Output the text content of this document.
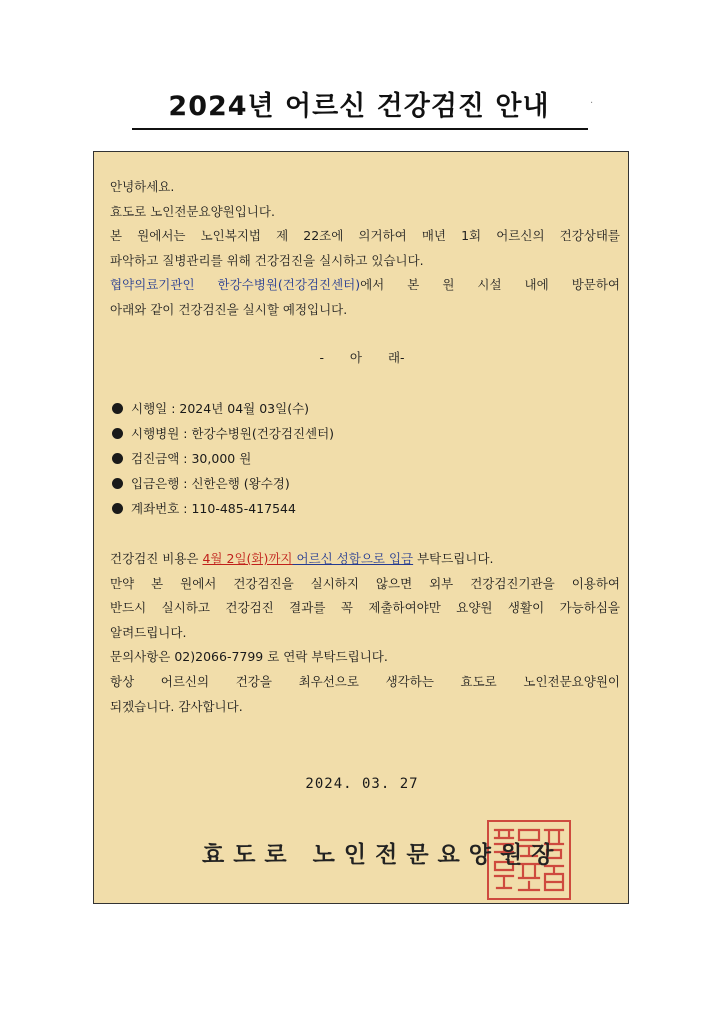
2024년 어르신 건강검진 안내	·
안녕하세요.
효도로 노인전문요양원입니다.
본 원에서는 노인복지법 제 22조에 의거하여 매년 1회 어르신의 건강상태를
파악하고 질병관리를 위해 건강검진을 실시하고 있습니다.
협약의료기관인 한강수병원(건강검진센터)에서 본 원 시설 내에 방문하여
아래와 같이 건강검진을 실시할 예정입니다.
- 아 래-
시행일 : 2024년 04월 03일(수)
시행병원 : 한강수병원(건강검진센터)
검진금액 : 30,000 원
입금은행 : 신한은행 (왕수경)
계좌번호 : 110-485-417544
건강검진 비용은 4월 2일(화)까지 어르신 성함으로 입금 부탁드립니다.
만약 본 원에서 건강검진을 실시하지 않으면 외부 건강검진기관을 이용하여
반드시 실시하고 건강검진 결과를 꼭 제출하여야만 요양원 생활이 가능하심을
알려드립니다.
문의사항은 02)2066-7799 로 연락 부탁드립니다.
항상 어르신의 건강을 최우선으로 생각하는 효도로 노인전문요양원이
되겠습니다. 감사합니다.
2024. 03. 27
효도로 노인전문요양원장
